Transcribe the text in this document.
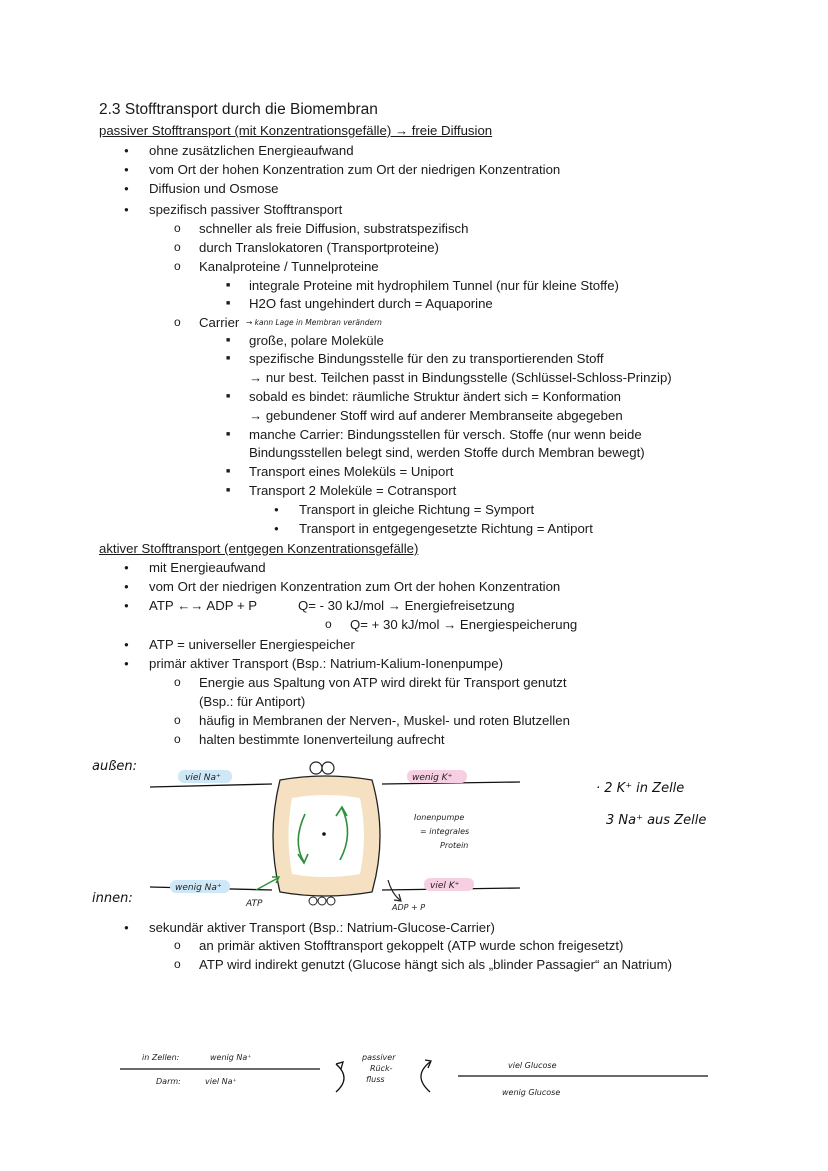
2.3 Stofftransport durch die Biomembran
passiver Stofftransport (mit Konzentrationsgefälle) → freie Diffusion
● ohne zusätzlichen Energieaufwand
● vom Ort der hohen Konzentration zum Ort der niedrigen Konzentration
● Diffusion und Osmose
● spezifisch passiver Stofftransport
o schneller als freie Diffusion, substratspezifisch
o durch Translokatoren (Transportproteine)
o Kanalproteine / Tunnelproteine
■ integrale Proteine mit hydrophilem Tunnel (nur für kleine Stoffe)
■ H2O fast ungehindert durch = Aquaporine
o Carrier → kann Lage in Membran verändern
■ große, polare Moleküle
■ spezifische Bindungsstelle für den zu transportierenden Stoff
→ nur best. Teilchen passt in Bindungsstelle (Schlüssel-Schloss-Prinzip)
■ sobald es bindet: räumliche Struktur ändert sich = Konformation
→ gebundener Stoff wird auf anderer Membranseite abgegeben
■ manche Carrier: Bindungsstellen für versch. Stoffe (nur wenn beide
Bindungsstellen belegt sind, werden Stoffe durch Membran bewegt)
■ Transport eines Moleküls = Uniport
■ Transport 2 Moleküle = Cotransport
● Transport in gleiche Richtung = Symport
● Transport in entgegengesetzte Richtung = Antiport
aktiver Stofftransport (entgegen Konzentrationsgefälle)
● mit Energieaufwand
● vom Ort der niedrigen Konzentration zum Ort der hohen Konzentration
● ATP ←→ ADP + P	Q= - 30 kJ/mol → Energiefreisetzung
o Q= + 30 kJ/mol → Energiespeicherung
● ATP = universeller Energiespeicher
● primär aktiver Transport (Bsp.: Natrium-Kalium-Ionenpumpe)
o Energie aus Spaltung von ATP wird direkt für Transport genutzt
(Bsp.: für Antiport)
o häufig in Membranen der Nerven-, Muskel- und roten Blutzellen
o halten bestimmte Ionenverteilung aufrecht
außen:
innen:
viel Na⁺	wenig K⁺
wenig Na⁺	viel K⁺
ATP	ADP + P
Ionenpumpe
= integrales
Protein
· 2 K⁺ in Zelle
3 Na⁺ aus Zelle
● sekundär aktiver Transport (Bsp.: Natrium-Glucose-Carrier)
o an primär aktiven Stofftransport gekoppelt (ATP wurde schon freigesetzt)
o ATP wird indirekt genutzt (Glucose hängt sich als „blinder Passagier“ an Natrium)
in Zellen:	wenig Na⁺
Darm:	viel Na⁺
passiver
Rück-
fluss
viel Glucose
wenig Glucose
